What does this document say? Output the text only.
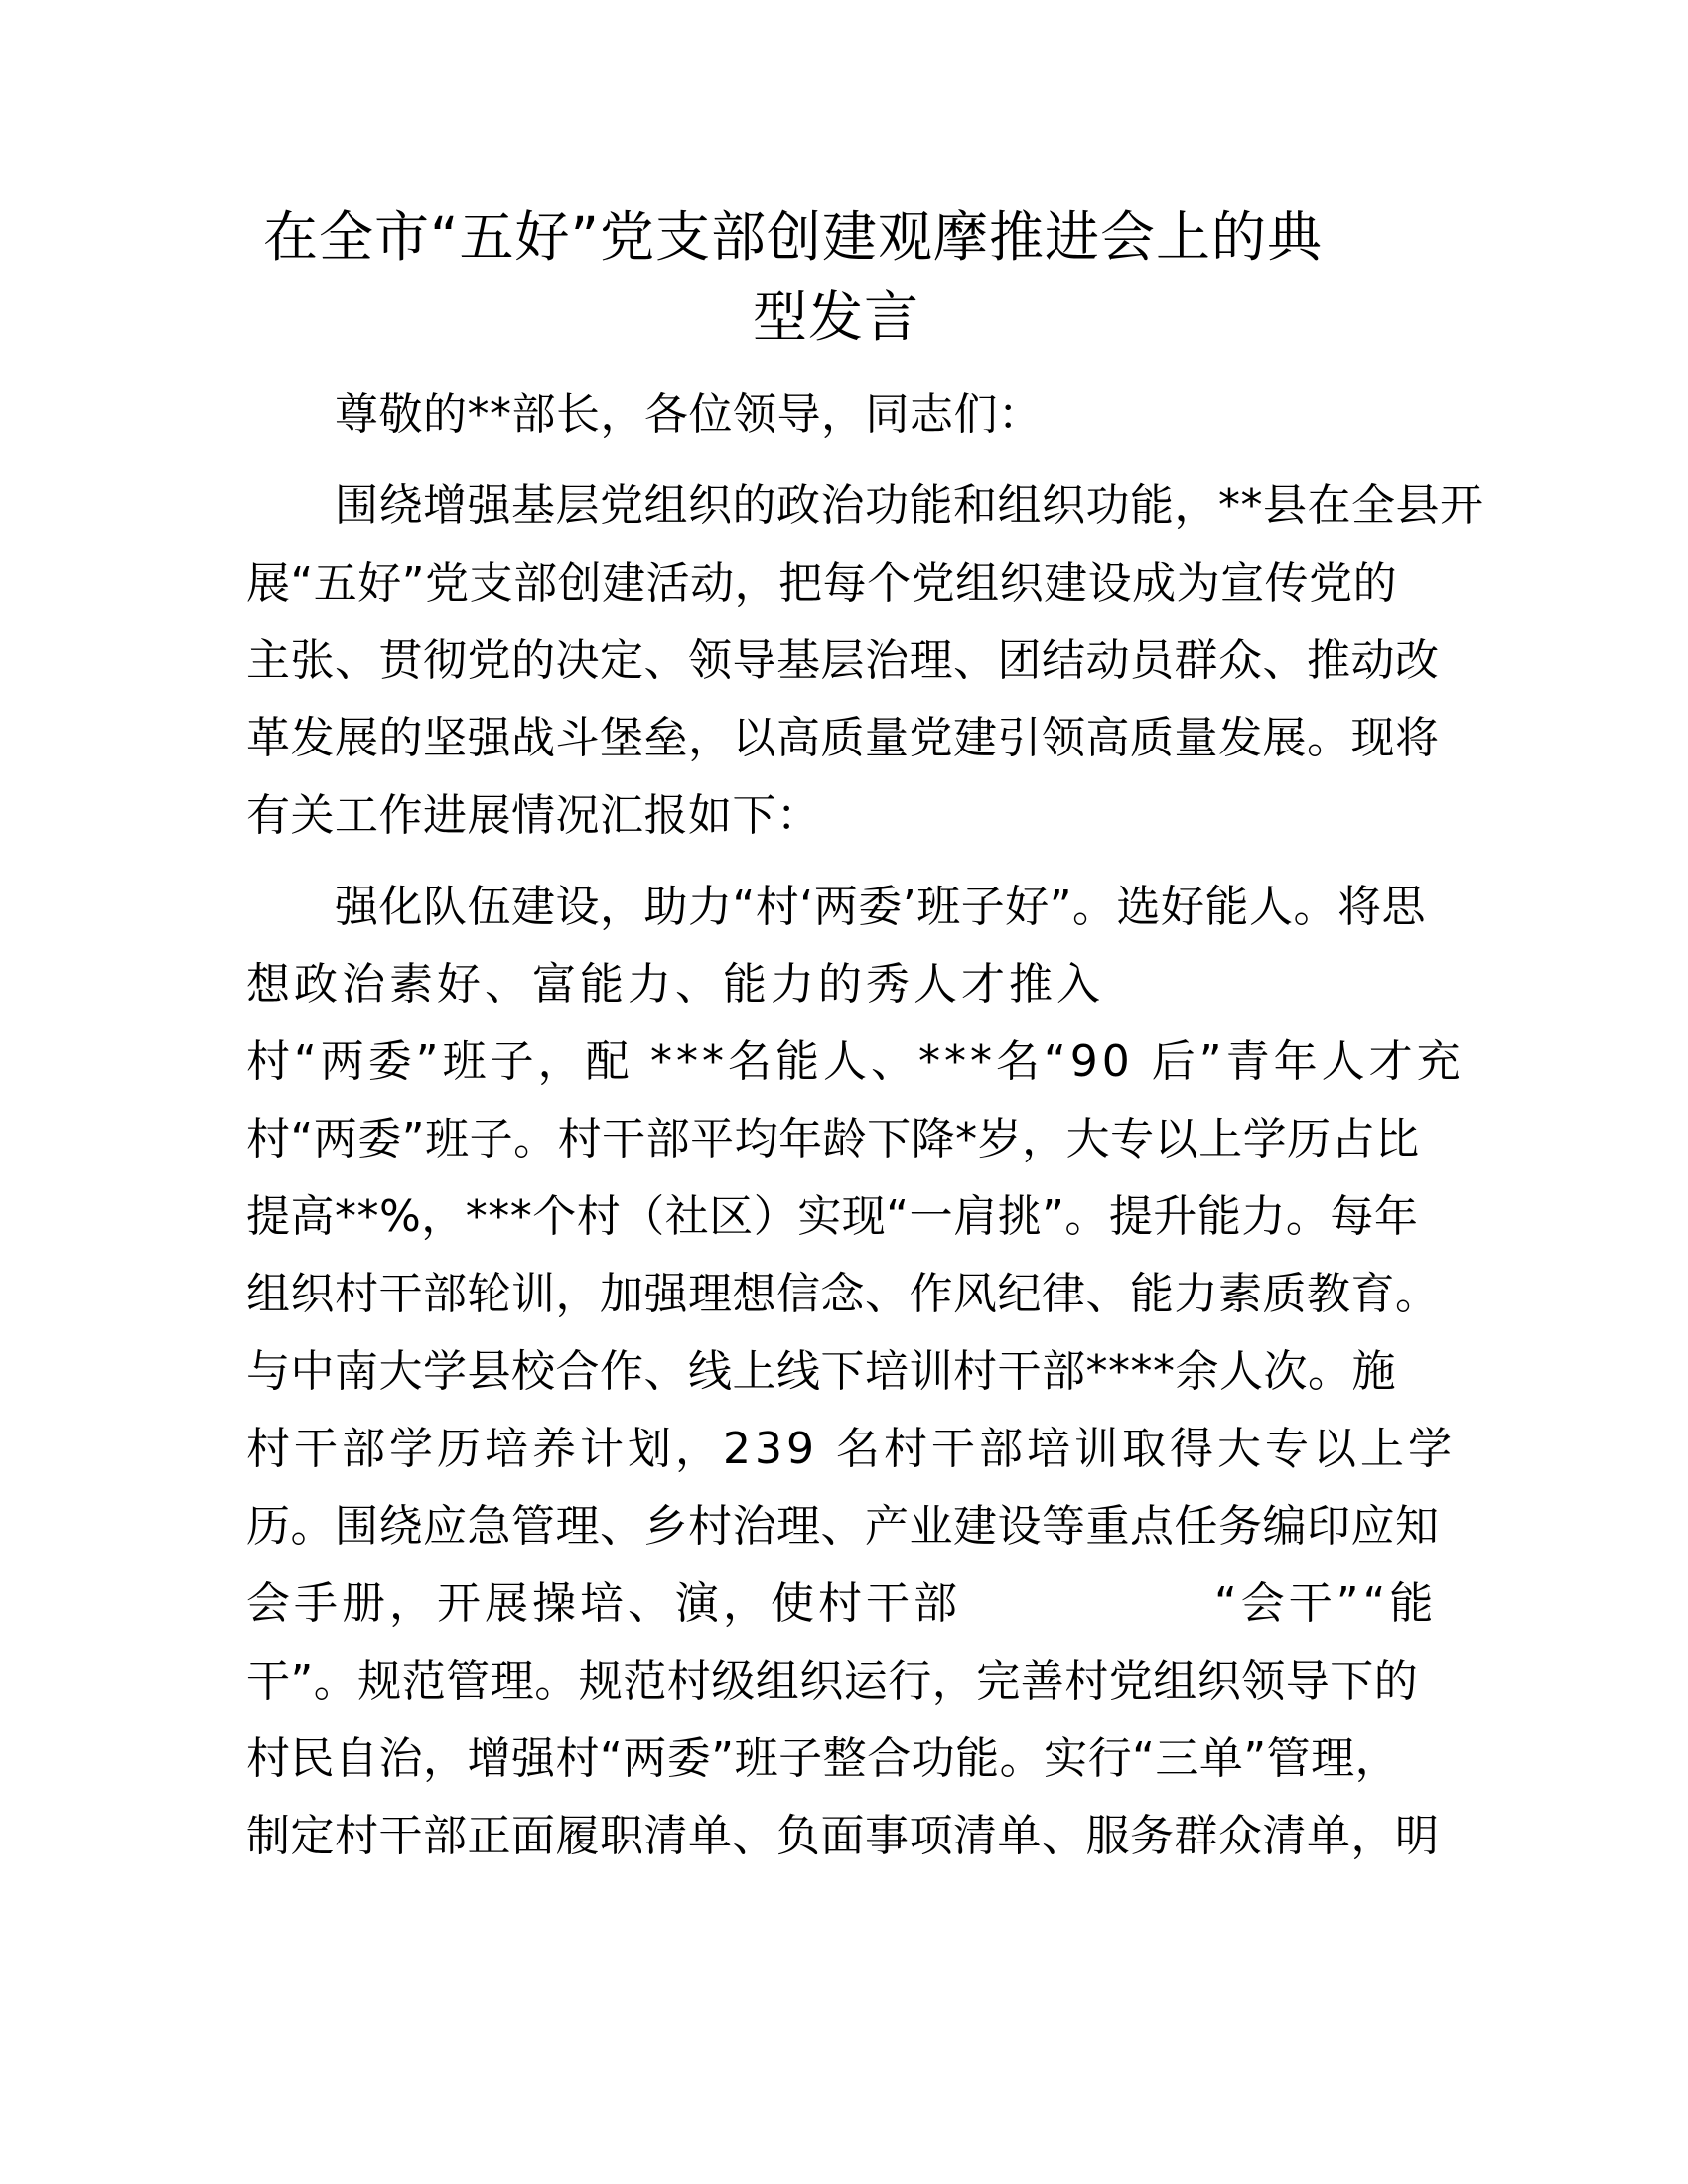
在全市“五好”党支部创建观摩推进会上的典
型发言
尊敬的**部长，各位领导，同志们：
围绕增强基层党组织的政治功能和组织功能，**县在全县开
展“五好”党支部创建活动，把每个党组织建设成为宣传党的
主张、贯彻党的决定、领导基层治理、团结动员群众、推动改
革发展的坚强战斗堡垒，以高质量党建引领高质量发展。现将
有关工作进展情况汇报如下：
强化队伍建设，助力“村‘两委’班子好”。选好能人。将思
想政治素好、富能力、能力的秀人才推入
村“两委”班子，配 ***名能人、***名“90 后”青年人才充
村“两委”班子。村干部平均年龄下降*岁，大专以上学历占比
提高**%，***个村（社区）实现“一肩挑”。提升能力。每年
组织村干部轮训，加强理想信念、作风纪律、能力素质教育。
与中南大学县校合作、线上线下培训村干部****余人次。施
村干部学历培养计划，239 名村干部培训取得大专以上学
历。围绕应急管理、乡村治理、产业建设等重点任务编印应知
会手册，开展操培、演，使村干部	“会干”“能
干”。规范管理。规范村级组织运行，完善村党组织领导下的
村民自治，增强村“两委”班子整合功能。实行“三单”管理，
制定村干部正面履职清单、负面事项清单、服务群众清单，明
